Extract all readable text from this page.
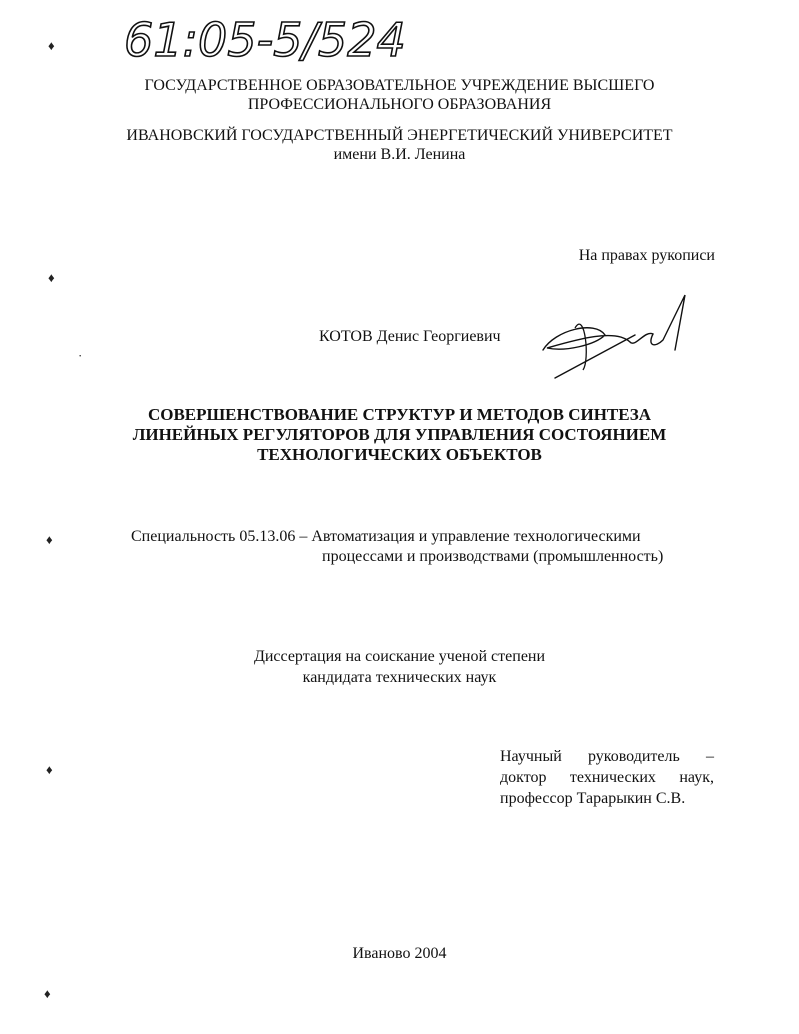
61:05-5/524
ГОСУДАРСТВЕННОЕ ОБРАЗОВАТЕЛЬНОЕ УЧРЕЖДЕНИЕ ВЫСШЕГО
ПРОФЕССИОНАЛЬНОГО ОБРАЗОВАНИЯ
ИВАНОВСКИЙ ГОСУДАРСТВЕННЫЙ ЭНЕРГЕТИЧЕСКИЙ УНИВЕРСИТЕТ
имени В.И. Ленина
На правах рукописи
КОТОВ Денис Георгиевич
СОВЕРШЕНСТВОВАНИЕ СТРУКТУР И МЕТОДОВ СИНТЕЗА
ЛИНЕЙНЫХ РЕГУЛЯТОРОВ ДЛЯ УПРАВЛЕНИЯ СОСТОЯНИЕМ
ТЕХНОЛОГИЧЕСКИХ ОБЪЕКТОВ
Специальность 05.13.06 – Автоматизация и управление технологическими
процессами и производствами (промышленность)
Диссертация на соискание ученой степени
кандидата технических наук
Научный руководитель –
доктор технических наук,
профессор Тарарыкин С.В.
Иваново 2004
♦
♦
·
♦
♦
♦
